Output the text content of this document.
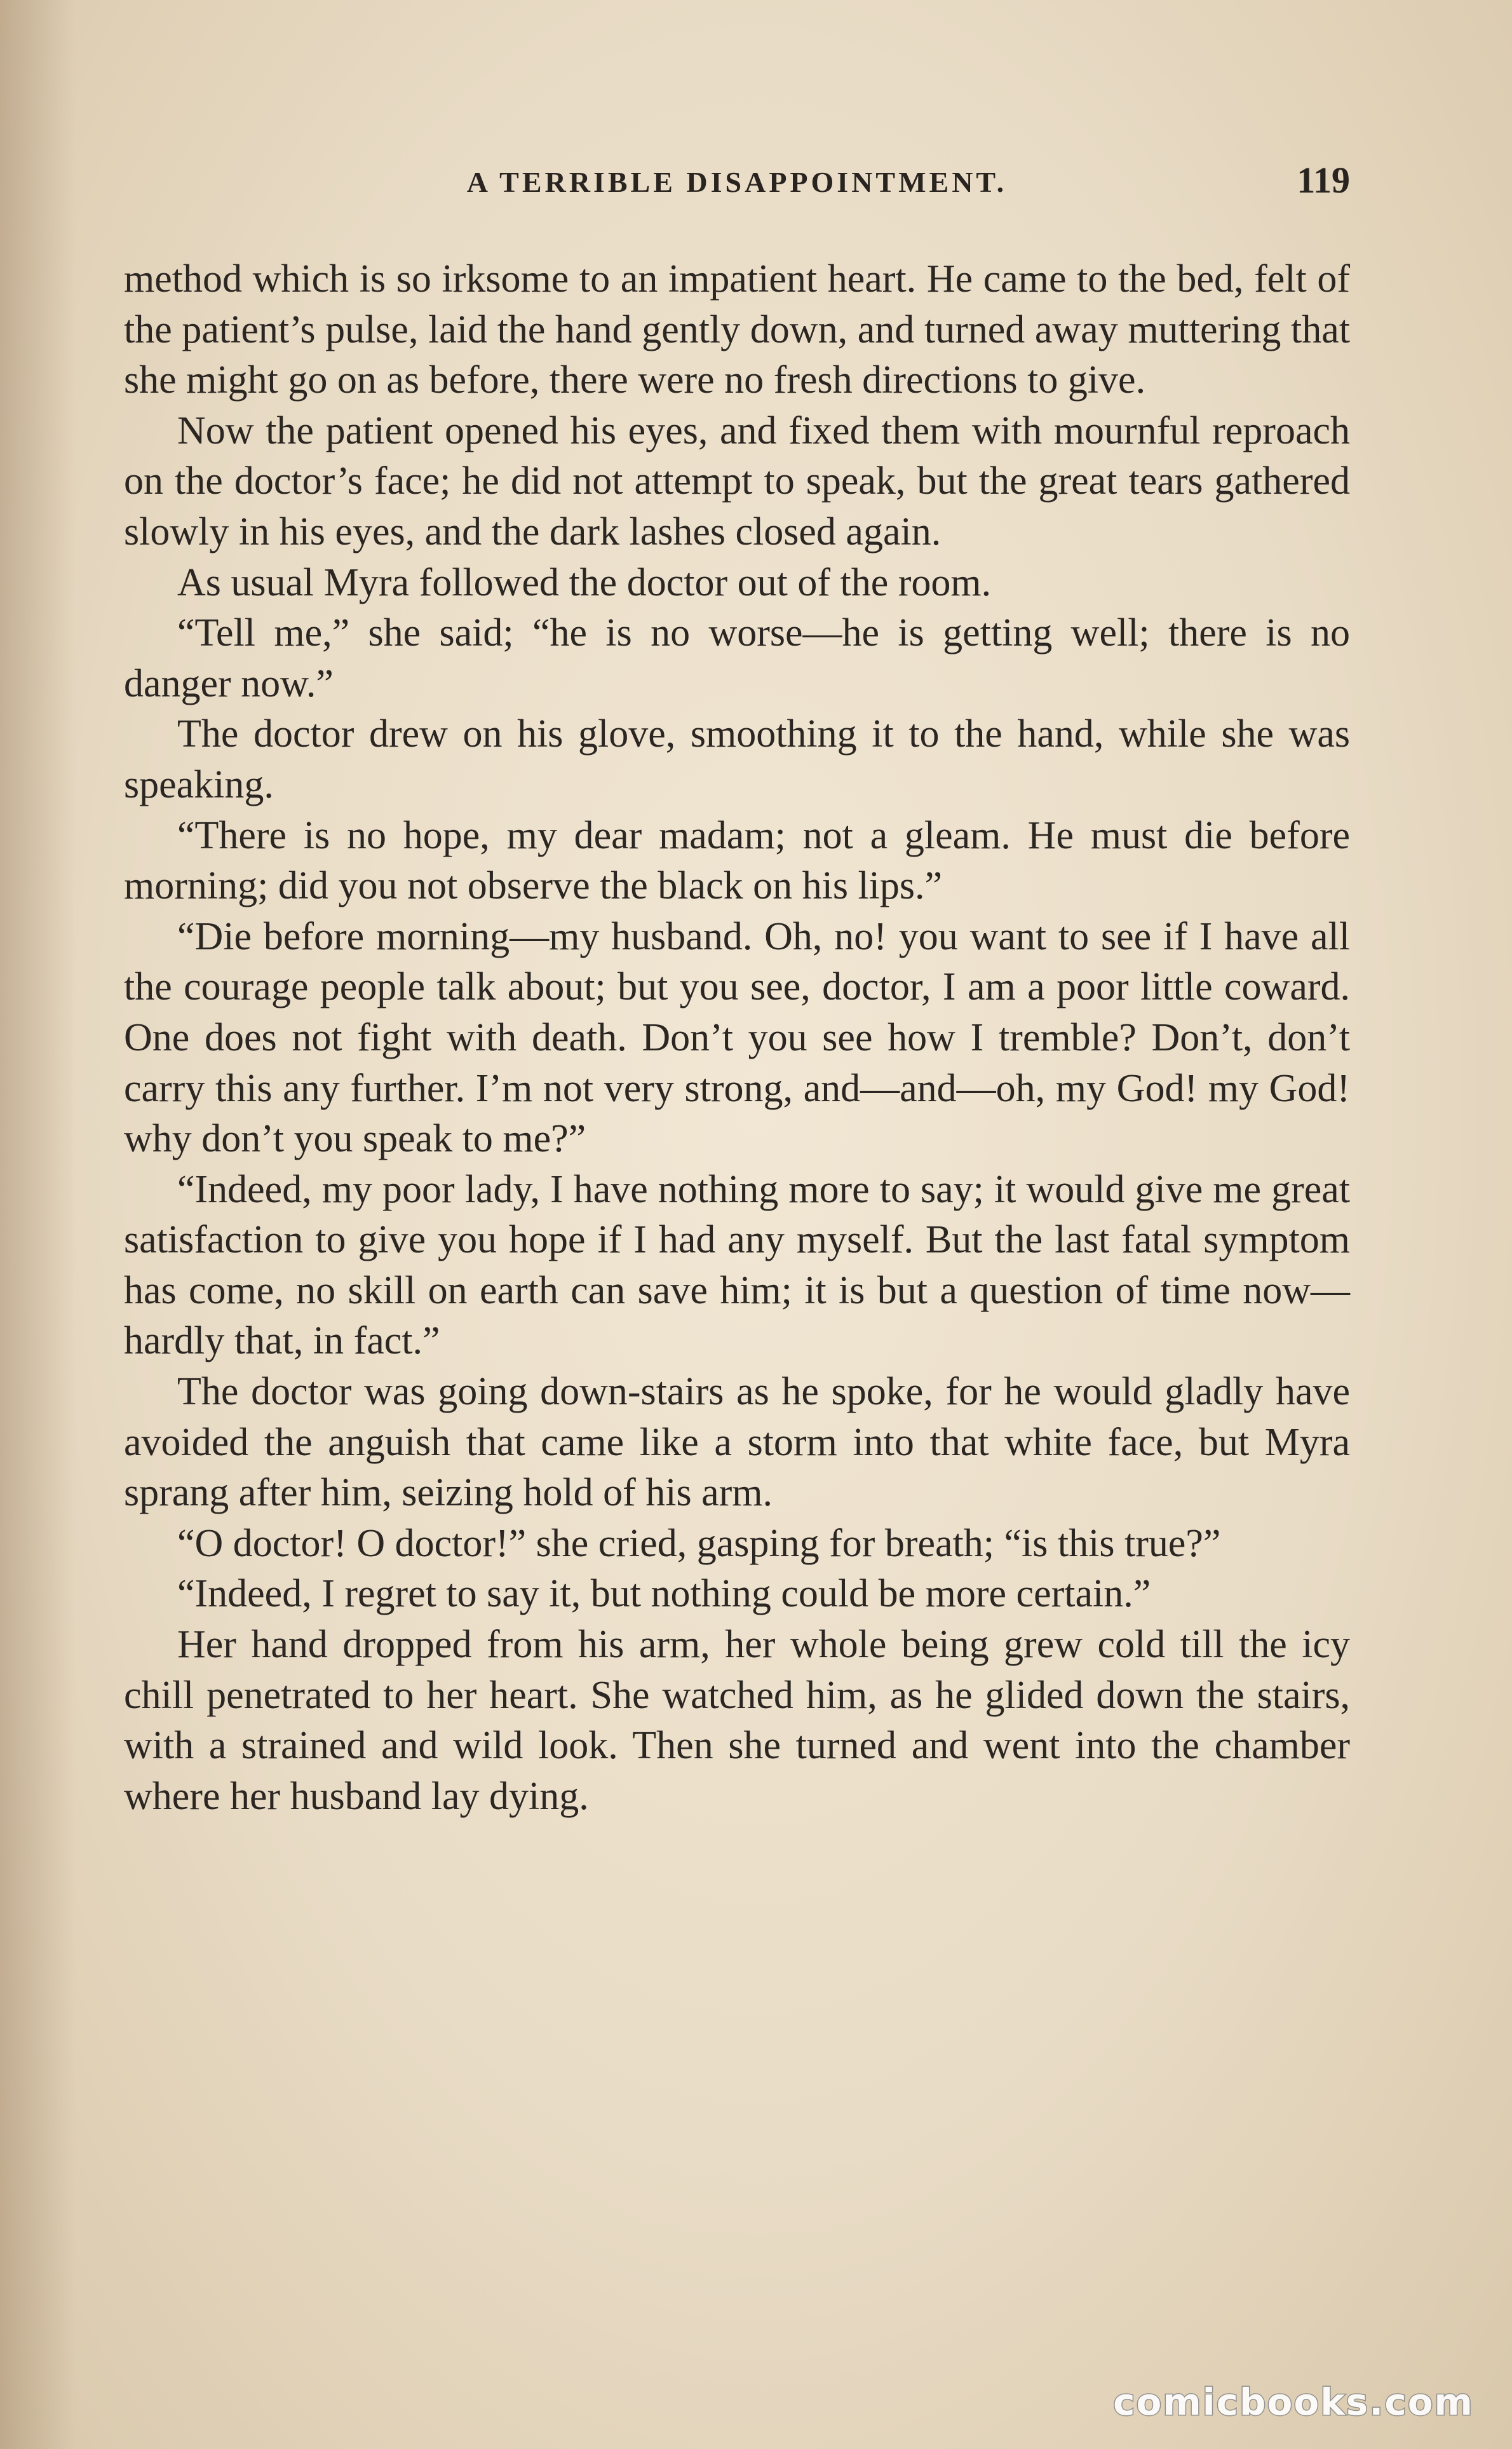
A TERRIBLE DISAPPOINTMENT.	119

method which is so irksome to an impatient heart. He came to the bed, felt of the patient’s pulse, laid the hand gently down, and turned away muttering that she might go on as before, there were no fresh directions to give.

Now the patient opened his eyes, and fixed them with mournful reproach on the doctor’s face; he did not attempt to speak, but the great tears gathered slowly in his eyes, and the dark lashes closed again.

As usual Myra followed the doctor out of the room.

“Tell me,” she said; “he is no worse—he is getting well; there is no danger now.”

The doctor drew on his glove, smoothing it to the hand, while she was speaking.

“There is no hope, my dear madam; not a gleam. He must die before morning; did you not observe the black on his lips.”

“Die before morning—my husband. Oh, no! you want to see if I have all the courage people talk about; but you see, doctor, I am a poor little coward. One does not fight with death. Don’t you see how I tremble? Don’t, don’t carry this any further. I’m not very strong, and—and—oh, my God! my God! why don’t you speak to me?”

“Indeed, my poor lady, I have nothing more to say; it would give me great satisfaction to give you hope if I had any myself. But the last fatal symptom has come, no skill on earth can save him; it is but a question of time now—hardly that, in fact.”

The doctor was going down-stairs as he spoke, for he would gladly have avoided the anguish that came like a storm into that white face, but Myra sprang after him, seizing hold of his arm.

“O doctor! O doctor!” she cried, gasping for breath; “is this true?”

“Indeed, I regret to say it, but nothing could be more certain.”

Her hand dropped from his arm, her whole being grew cold till the icy chill penetrated to her heart. She watched him, as he glided down the stairs, with a strained and wild look. Then she turned and went into the chamber where her husband lay dying.

comicbooks.com
